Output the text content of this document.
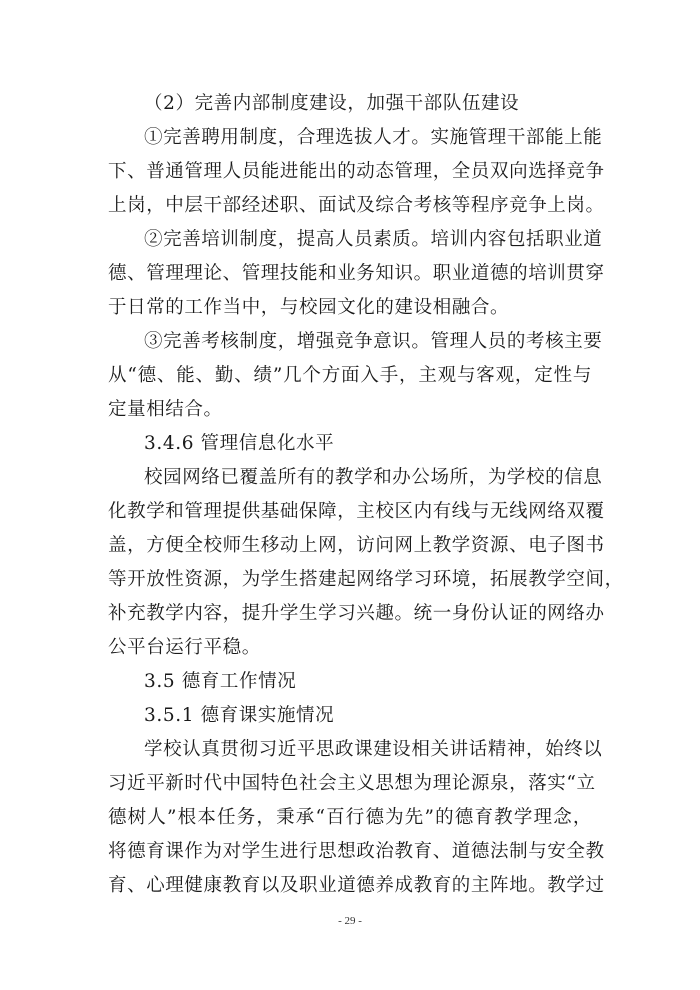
（2）完善内部制度建设，加强干部队伍建设
①完善聘用制度，合理选拔人才。实施管理干部能上能
下、普通管理人员能进能出的动态管理，全员双向选择竞争
上岗，中层干部经述职、面试及综合考核等程序竞争上岗。
②完善培训制度，提高人员素质。培训内容包括职业道
德、管理理论、管理技能和业务知识。职业道德的培训贯穿
于日常的工作当中，与校园文化的建设相融合。
③完善考核制度，增强竞争意识。管理人员的考核主要
从“德、能、勤、绩”几个方面入手，主观与客观，定性与
定量相结合。
3.4.6 管理信息化水平
校园网络已覆盖所有的教学和办公场所，为学校的信息
化教学和管理提供基础保障，主校区内有线与无线网络双覆
盖，方便全校师生移动上网，访问网上教学资源、电子图书
等开放性资源，为学生搭建起网络学习环境，拓展教学空间，
补充教学内容，提升学生学习兴趣。统一身份认证的网络办
公平台运行平稳。
3.5 德育工作情况
3.5.1 德育课实施情况
学校认真贯彻习近平思政课建设相关讲话精神，始终以
习近平新时代中国特色社会主义思想为理论源泉，落实“立
德树人”根本任务，秉承“百行德为先”的德育教学理念，
将德育课作为对学生进行思想政治教育、道德法制与安全教
育、心理健康教育以及职业道德养成教育的主阵地。教学过
- 29 -
